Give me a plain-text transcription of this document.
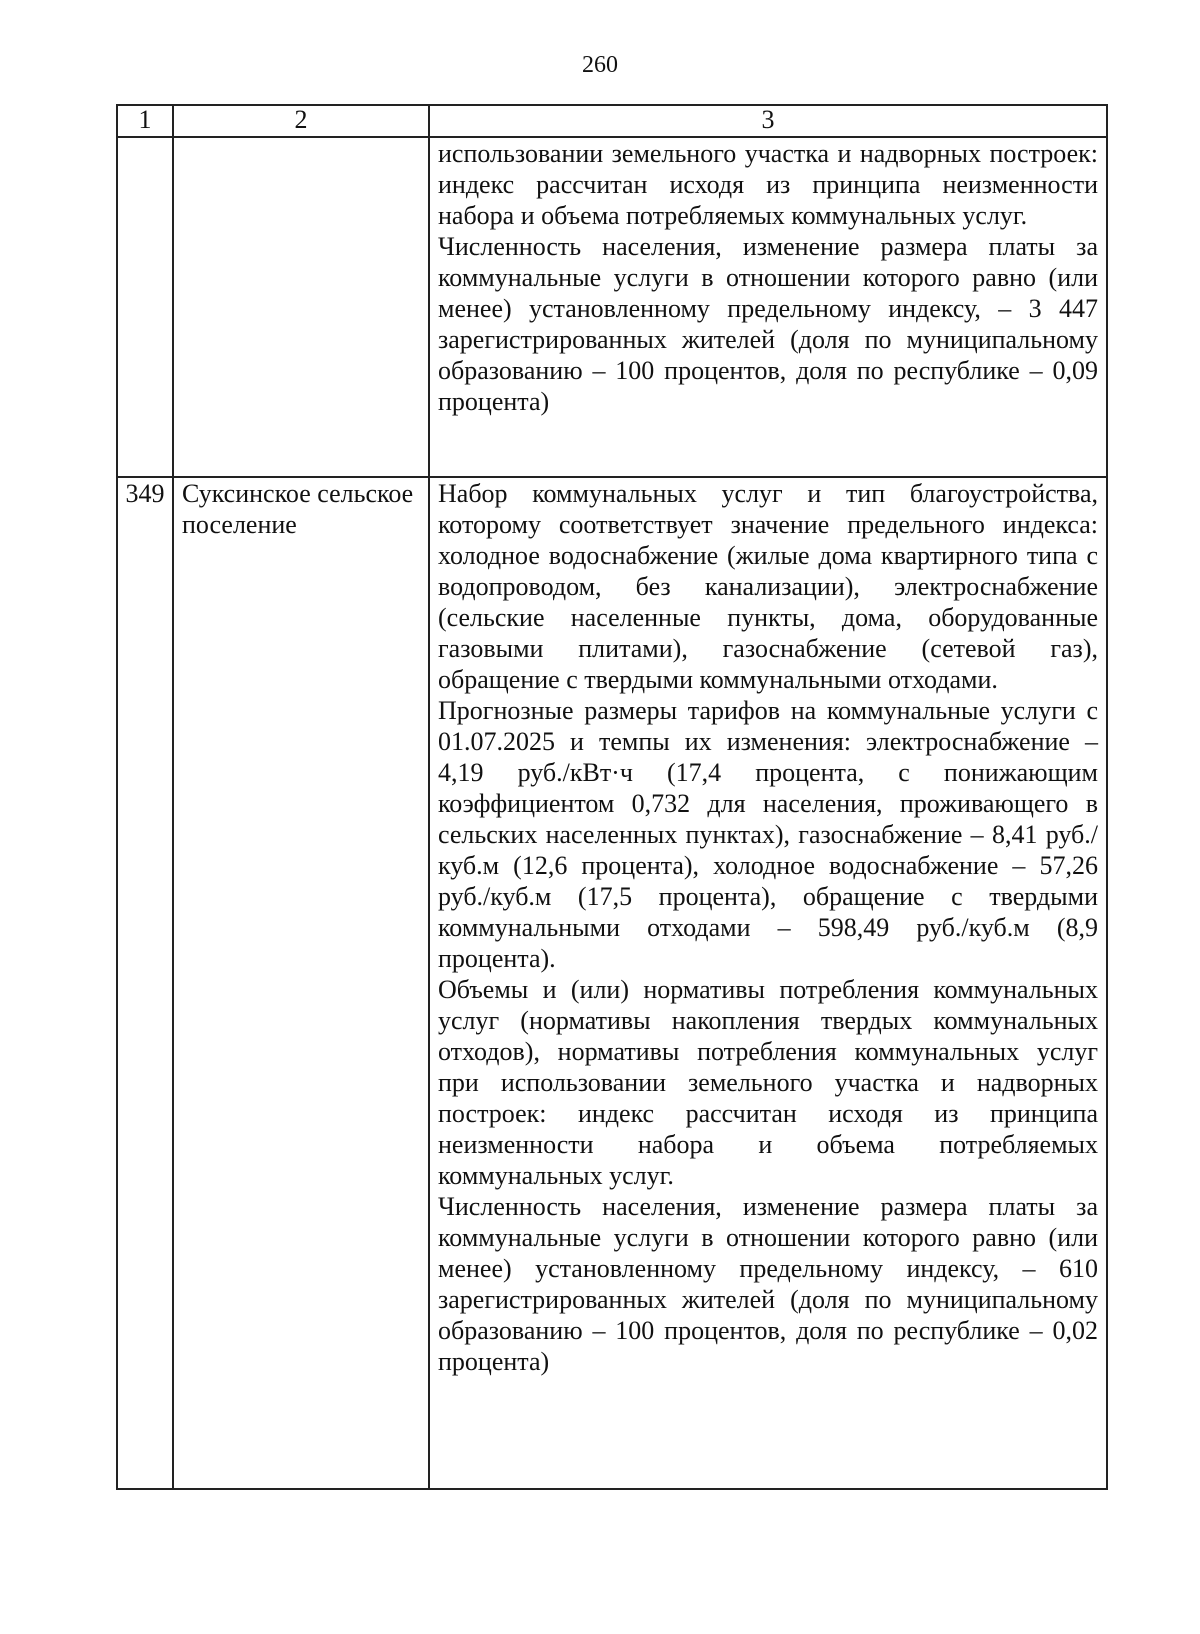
260
1	2	3

		использовании земельного участка и надворных построек: индекс рассчитан исходя из принципа неизменности набора и объема потребляемых коммунальных услуг.

Численность населения, изменение размера платы за коммунальные услуги в отношении которого равно (или менее) установленному предельному индексу, – 3 447 зарегистрированных жителей (доля по муниципальному образованию – 100 процентов, доля по республике – 0,09 процента)

349	Суксинское сельское поселение	Набор коммунальных услуг и тип благоустройства, которому соответствует значение предельного индекса: холодное водоснабжение (жилые дома квартирного типа с водопроводом, без канализации), электроснабжение (сельские населенные пункты, дома, оборудованные газовыми плитами), газоснабжение (сетевой газ), обращение с твердыми коммунальными отходами.

Прогнозные размеры тарифов на коммунальные услуги с 01.07.2025 и темпы их изменения: электроснабжение – 4,19 руб./кВт·ч (17,4 процента, с понижающим коэффициентом 0,732 для населения, проживающего в сельских населенных пунктах), газоснабжение – 8,41 руб./куб.м (12,6 процента), холодное водоснабжение – 57,26 руб./куб.м (17,5 процента), обращение с твердыми коммунальными отходами – 598,49 руб./куб.м (8,9 процента).

Объемы и (или) нормативы потребления коммунальных услуг (нормативы накопления твердых коммунальных отходов), нормативы потребления коммунальных услуг при использовании земельного участка и надворных построек: индекс рассчитан исходя из принципа неизменности набора и объема потребляемых коммунальных услуг.

Численность населения, изменение размера платы за коммунальные услуги в отношении которого равно (или менее) установленному предельному индексу, – 610 зарегистрированных жителей (доля по муниципальному образованию – 100 процентов, доля по республике – 0,02 процента)
